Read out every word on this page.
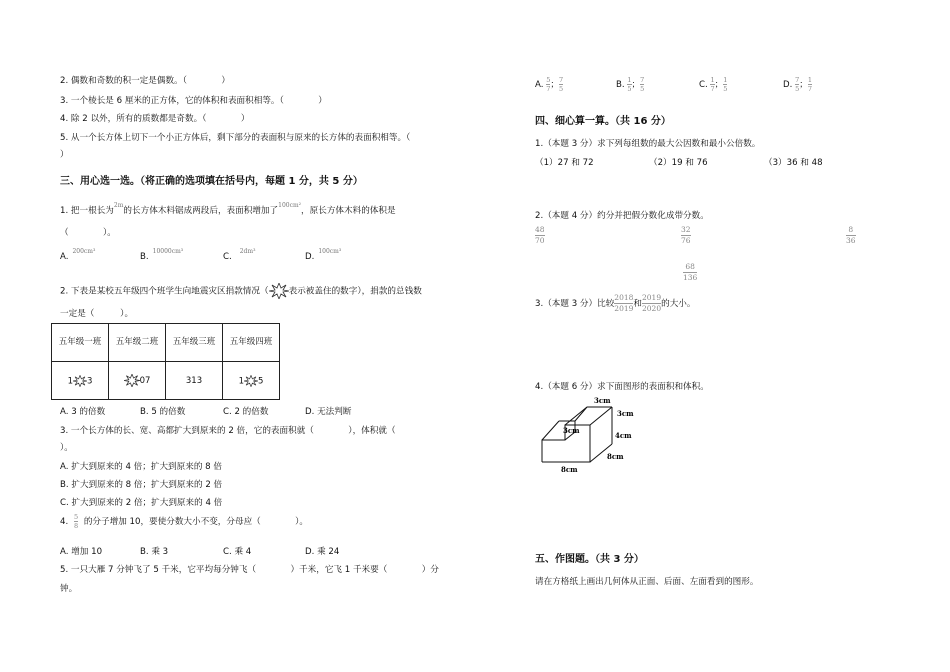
2. 偶数和奇数的积一定是偶数。（　　　　）
3. 一个棱长是 6 厘米的正方体，它的体积和表面积相等。（　　　　）
4. 除 2 以外，所有的质数都是奇数。（　　　　）
5. 从一个长方体上切下一个小正方体后，剩下部分的表面积与原来的长方体的表面积相等。（
）
三、用心选一选。（将正确的选项填在括号内，每题 1 分，共 5 分）
1. 把一根长为$^{2m}$的长方体木料锯成两段后，表面积增加了$^{100cm^2}$，原长方体木料的体积是
（　　　　）。
A.$^{200cm^3}$
B.$^{10000cm^3}$
C.$^{2dm^3}$
D.$^{100cm^3}$
2. 下表是某校五年级四个班学生向地震灾区捐款情况（ 表示被盖住的数字），捐款的总钱数
一定是（　　　）。
五年级一班	五年级二班	五年级三班	五年级四班
1 3	07	313	1 5
A. 3 的倍数	B. 5 的倍数	C. 2 的倍数	D. 无法判断
3. 一个长方体的长、宽、高都扩大到原来的 2 倍，它的表面积就（　　　　），体积就（
）。
A. 扩大到原来的 4 倍；扩大到原来的 8 倍
B. 扩大到原来的 8 倍；扩大到原来的 2 倍
C. 扩大到原来的 2 倍；扩大到原来的 4 倍
4. $\frac{5}{8}$ 的分子增加 10，要使分数大小不变，分母应（　　　　）。
A. 增加 10	B. 乘 3	C. 乘 4	D. 乘 24
5. 一只大雁 7 分钟飞了 5 千米，它平均每分钟飞（　　　　）千米，它飞 1 千米要（　　　　）分
钟。
A. $\frac{5}{7}$ ； $\frac{7}{5}$	B. $\frac{1}{5}$ ； $\frac{7}{5}$	C. $\frac{1}{7}$ ； $\frac{1}{5}$	D. $\frac{7}{5}$ ； $\frac{1}{7}$
四、细心算一算。（共 16 分）
1.（本题 3 分）求下列每组数的最大公因数和最小公倍数。
（1）27 和 72	（2）19 和 76	（3）36 和 48
2.（本题 4 分）约分并把假分数化成带分数。
48
70
32
76
8
36
68
136
3.（本题 3 分）比较 $\frac{2018}{2019}$ 和 $\frac{2019}{2020}$ 的大小。
4.（本题 6 分）求下面图形的表面积和体积。
3cm
3cm
3cm
4cm
8cm
8cm
五、作图题。（共 3 分）
请在方格纸上画出几何体从正面、后面、左面看到的图形。
